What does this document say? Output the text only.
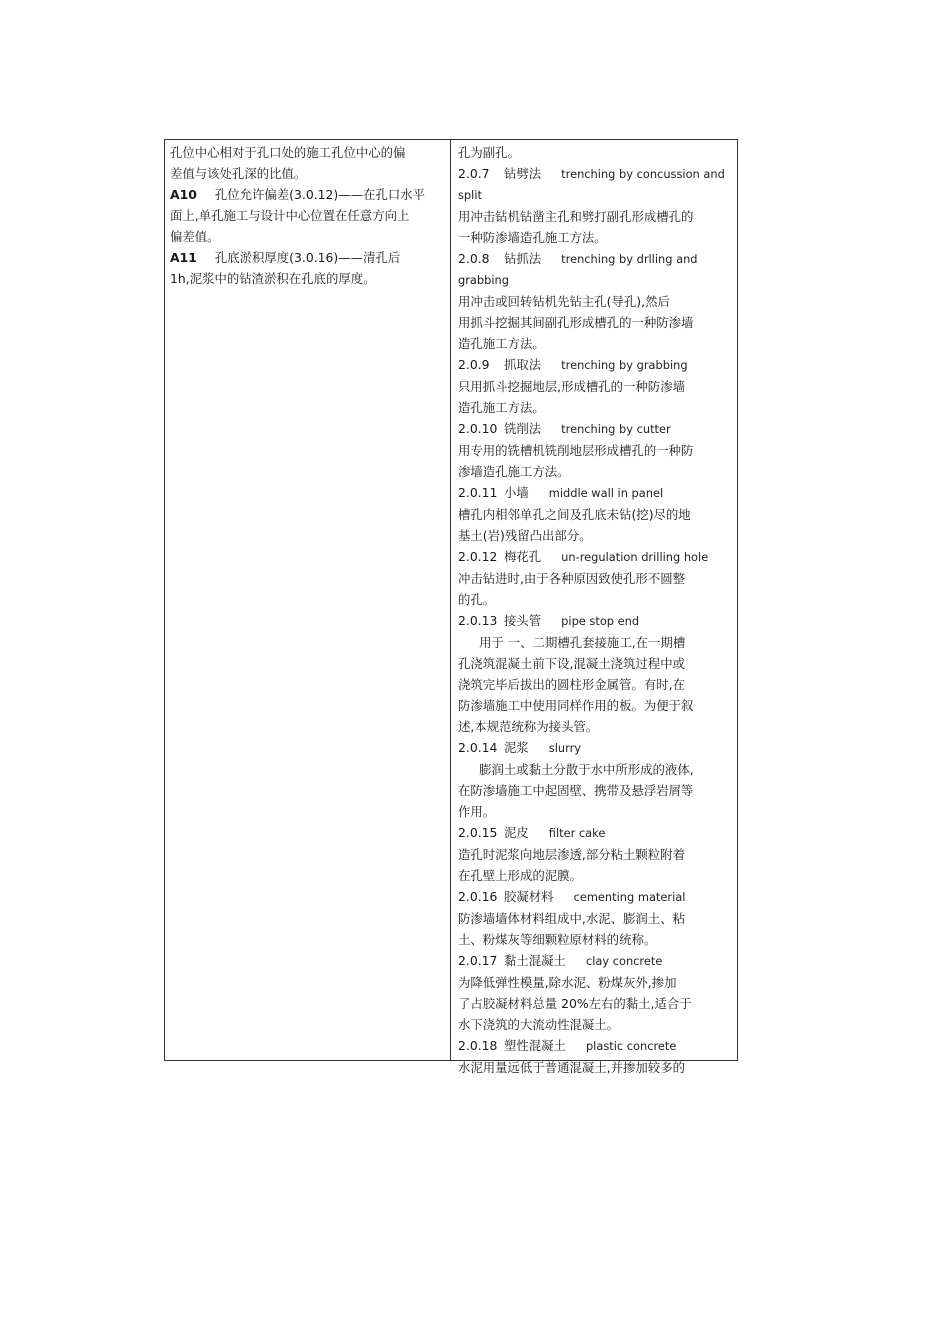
孔位中心相对于孔口处的施工孔位中心的偏
差值与该处孔深的比值。
A10 孔位允许偏差(3.0.12)——在孔口水平
面上,单孔施工与设计中心位置在任意方向上
偏差值。
A11 孔底淤积厚度(3.0.16)——清孔后
1h,泥浆中的钻渣淤积在孔底的厚度。
孔为副孔。
2.0.7 钻劈法 trenching by concussion and
split
用冲击钻机钻凿主孔和劈打副孔形成槽孔的
一种防渗墙造孔施工方法。
2.0.8 钻抓法 trenching by drlling and
grabbing
用冲击或回转钻机先钻主孔(导孔),然后
用抓斗挖掘其间副孔形成槽孔的一种防渗墙
造孔施工方法。
2.0.9 抓取法 trenching by grabbing
只用抓斗挖掘地层,形成槽孔的一种防渗墙
造孔施工方法。
2.0.10 铣削法 trenching by cutter
用专用的铣槽机铣削地层形成槽孔的一种防
渗墙造孔施工方法。
2.0.11 小墙 middle wall in panel
槽孔内相邻单孔之间及孔底未钻(挖)尽的地
基土(岩)残留凸出部分。
2.0.12 梅花孔 un-regulation drilling hole
冲击钻进时,由于各种原因致使孔形不圆整
的孔。
2.0.13 接头管 pipe stop end
用于 一、二期槽孔套接施工,在一期槽
孔浇筑混凝土前下设,混凝土浇筑过程中或
浇筑完毕后拔出的圆柱形金属管。有时,在
防渗墙施工中使用同样作用的板。为便于叙
述,本规范统称为接头管。
2.0.14 泥浆 slurry
膨润土或黏土分散于水中所形成的液体,
在防渗墙施工中起固壁、携带及悬浮岩屑等
作用。
2.0.15 泥皮 filter cake
造孔时泥浆向地层渗透,部分粘土颗粒附着
在孔壁上形成的泥膜。
2.0.16 胶凝材料 cementing material
防渗墙墙体材料组成中,水泥、膨润土、粘
土、粉煤灰等细颗粒原材料的统称。
2.0.17 黏土混凝土 clay concrete
为降低弹性模量,除水泥、粉煤灰外,掺加
了占胶凝材料总量 20%左右的黏土,适合于
水下浇筑的大流动性混凝土。
2.0.18 塑性混凝土 plastic concrete
水泥用量远低于普通混凝土,并掺加较多的
